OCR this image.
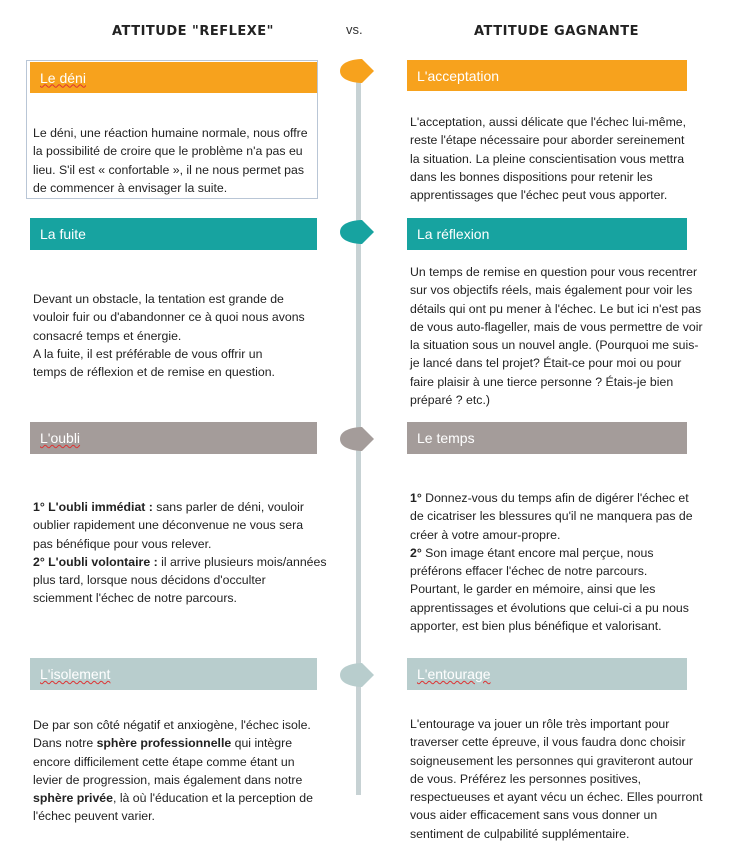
ATTITUDE "REFLEXE"	vs.	ATTITUDE GAGNANTE
Le déni

Le déni, une réaction humaine normale, nous offre

la possibilité de croire que le problème n'a pas eu

lieu. S'il est « confortable », il ne nous permet pas

de commencer à envisager la suite.

L'acceptation

L'acceptation, aussi délicate que l'échec lui-même,

reste l'étape nécessaire pour aborder sereinement

la situation. La pleine conscientisation vous mettra

dans les bonnes dispositions pour retenir les

apprentissages que l'échec peut vous apporter.

La fuite

Devant un obstacle, la tentation est grande de

vouloir fuir ou d'abandonner ce à quoi nous avons

consacré temps et énergie.

A la fuite, il est préférable de vous offrir un

temps de réflexion et de remise en question.

La réflexion

Un temps de remise en question pour vous recentrer

sur vos objectifs réels, mais également pour voir les

détails qui ont pu mener à l'échec. Le but ici n'est pas

de vous auto-flageller, mais de vous permettre de voir

la situation sous un nouvel angle. (Pourquoi me suis-

je lancé dans tel projet? Était-ce pour moi ou pour

faire plaisir à une tierce personne ? Étais-je bien

préparé ? etc.)

L'oubli

1° L'oubli immédiat : sans parler de déni, vouloir

oublier rapidement une déconvenue ne vous sera

pas bénéfique pour vous relever.

2° L'oubli volontaire : il arrive plusieurs mois/années

plus tard, lorsque nous décidons d'occulter

sciemment l'échec de notre parcours.

Le temps

1° Donnez-vous du temps afin de digérer l'échec et

de cicatriser les blessures qu'il ne manquera pas de

créer à votre amour-propre.

2° Son image étant encore mal perçue, nous

préférons effacer l'échec de notre parcours.

Pourtant, le garder en mémoire, ainsi que les

apprentissages et évolutions que celui-ci a pu nous

apporter, est bien plus bénéfique et valorisant.

L'isolement

De par son côté négatif et anxiogène, l'échec isole.

Dans notre sphère professionnelle qui intègre

encore difficilement cette étape comme étant un

levier de progression, mais également dans notre

sphère privée, là où l'éducation et la perception de

l'échec peuvent varier.

L'entourage

L'entourage va jouer un rôle très important pour

traverser cette épreuve, il vous faudra donc choisir

soigneusement les personnes qui graviteront autour

de vous. Préférez les personnes positives,

respectueuses et ayant vécu un échec. Elles pourront

vous aider efficacement sans vous donner un

sentiment de culpabilité supplémentaire.
